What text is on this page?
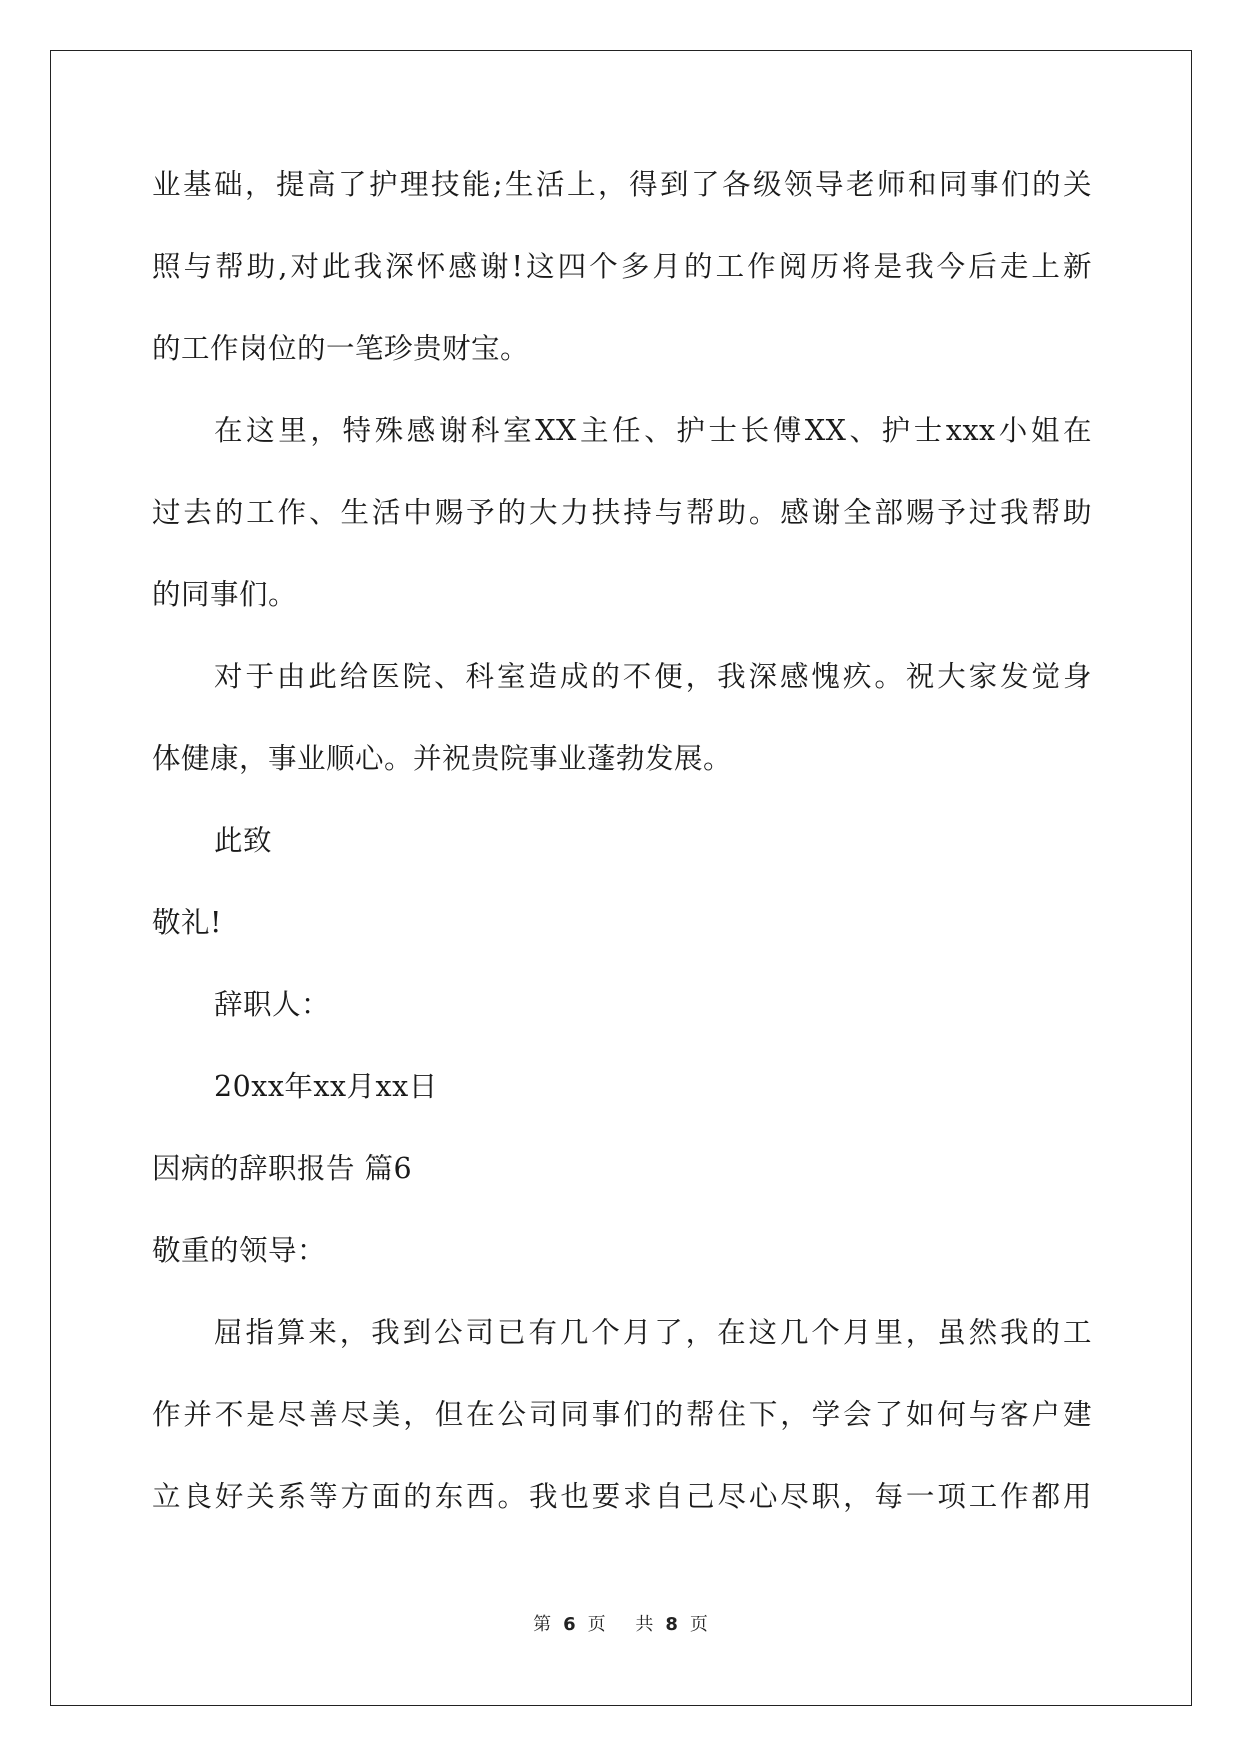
业基础，提高了护理技能;生活上，得到了各级领导老师和同事们的关
照与帮助,对此我深怀感谢!这四个多月的工作阅历将是我今后走上新
的工作岗位的一笔珍贵财宝。
在这里，特殊感谢科室XX主任、护士长傅XX、护士xxx小姐在
过去的工作、生活中赐予的大力扶持与帮助。感谢全部赐予过我帮助
的同事们。
对于由此给医院、科室造成的不便，我深感愧疚。祝大家发觉身
体健康，事业顺心。并祝贵院事业蓬勃发展。
此致
敬礼!
辞职人：
20xx年xx月xx日
因病的辞职报告 篇6
敬重的领导：
屈指算来，我到公司已有几个月了，在这几个月里，虽然我的工
作并不是尽善尽美，但在公司同事们的帮住下，学会了如何与客户建
立良好关系等方面的东西。我也要求自己尽心尽职，每一项工作都用
第 6 页 共 8 页
